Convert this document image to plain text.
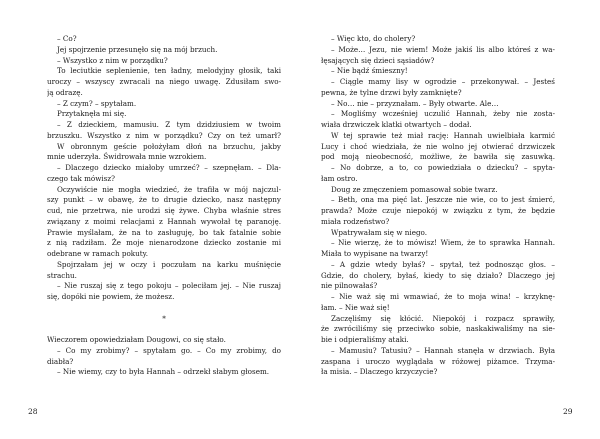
– Co?
Jej spojrzenie przesunęło się na mój brzuch.
– Wszystko z nim w porządku?
To leciutkie seplenienie, ten ładny, melodyjny głosik, taki
uroczy – wszyscy zwracali na niego uwagę. Zdusiłam swo-
ją odrazę.
– Z czym? – spytałam.
Przytaknęła mi się.
– Z dzieckiem, mamusiu. Z tym dzidziusiem w twoim
brzuszku. Wszystko z nim w porządku? Czy on też umarł?
W obronnym geście położyłam dłoń na brzuchu, jakby
mnie uderzyła. Świdrowała mnie wzrokiem.
– Dlaczego dziecko miałoby umrzeć? – szepnęłam. – Dla-
czego tak mówisz?
Oczywiście nie mogła wiedzieć, że trafiła w mój najczul-
szy punkt – w obawę, że to drugie dziecko, nasz następny
cud, nie przetrwa, nie urodzi się żywe. Chyba właśnie stres
związany z moimi relacjami z Hannah wywołał tę paranoję.
Prawie myślałam, że na to zasługuję, bo tak fatalnie sobie
z nią radziłam. Że moje nienarodzone dziecko zostanie mi
odebrane w ramach pokuty.
Spojrzałam jej w oczy i poczułam na karku muśnięcie
strachu.
– Nie ruszaj się z tego pokoju – poleciłam jej. – Nie ruszaj
się, dopóki nie powiem, że możesz.
*
Wieczorem opowiedziałam Dougowi, co się stało.
– Co my zrobimy? – spytałam go. – Co my zrobimy, do
diabła?
– Nie wiemy, czy to była Hannah – odrzekł słabym głosem.
– Więc kto, do cholery?
– Może… Jezu, nie wiem! Może jakiś lis albo któreś z wa-
łęsających się dzieci sąsiadów?
– Nie bądź śmieszny!
– Ciągle mamy lisy w ogrodzie – przekonywał. – Jesteś
pewna, że tylne drzwi były zamknięte?
– No… nie – przyznałam. – Były otwarte. Ale…
– Mogliśmy wcześniej uczulić Hannah, żeby nie zosta-
wiała drzwiczek klatki otwartych – dodał.
W tej sprawie też miał rację: Hannah uwielbiała karmić
Lucy i choć wiedziała, że nie wolno jej otwierać drzwiczek
pod moją nieobecność, możliwe, że bawiła się zasuwką.
– No dobrze, a to, co powiedziała o dziecku? – spyta-
łam ostro.
Doug ze zmęczeniem pomasował sobie twarz.
– Beth, ona ma pięć lat. Jeszcze nie wie, co to jest śmierć,
prawda? Może czuje niepokój w związku z tym, że będzie
miała rodzeństwo?
Wpatrywałam się w niego.
– Nie wierzę, że to mówisz! Wiem, że to sprawka Hannah.
Miała to wypisane na twarzy!
– A gdzie wtedy byłaś? – spytał, też podnosząc głos. –
Gdzie, do cholery, byłaś, kiedy to się działo? Dlaczego jej
nie pilnowałaś?
– Nie waż się mi wmawiać, że to moja wina! – krzyknę-
łam. – Nie waż się!
Zaczęliśmy się kłócić. Niepokój i rozpacz sprawiły,
że zwróciliśmy się przeciwko sobie, naskakiwaliśmy na sie-
bie i odpieraliśmy ataki.
– Mamusiu? Tatusiu? – Hannah stanęła w drzwiach. Była
zaspana i uroczo wyglądała w różowej piżamce. Trzyma-
ła misia. – Dlaczego krzyczycie?
28	29
